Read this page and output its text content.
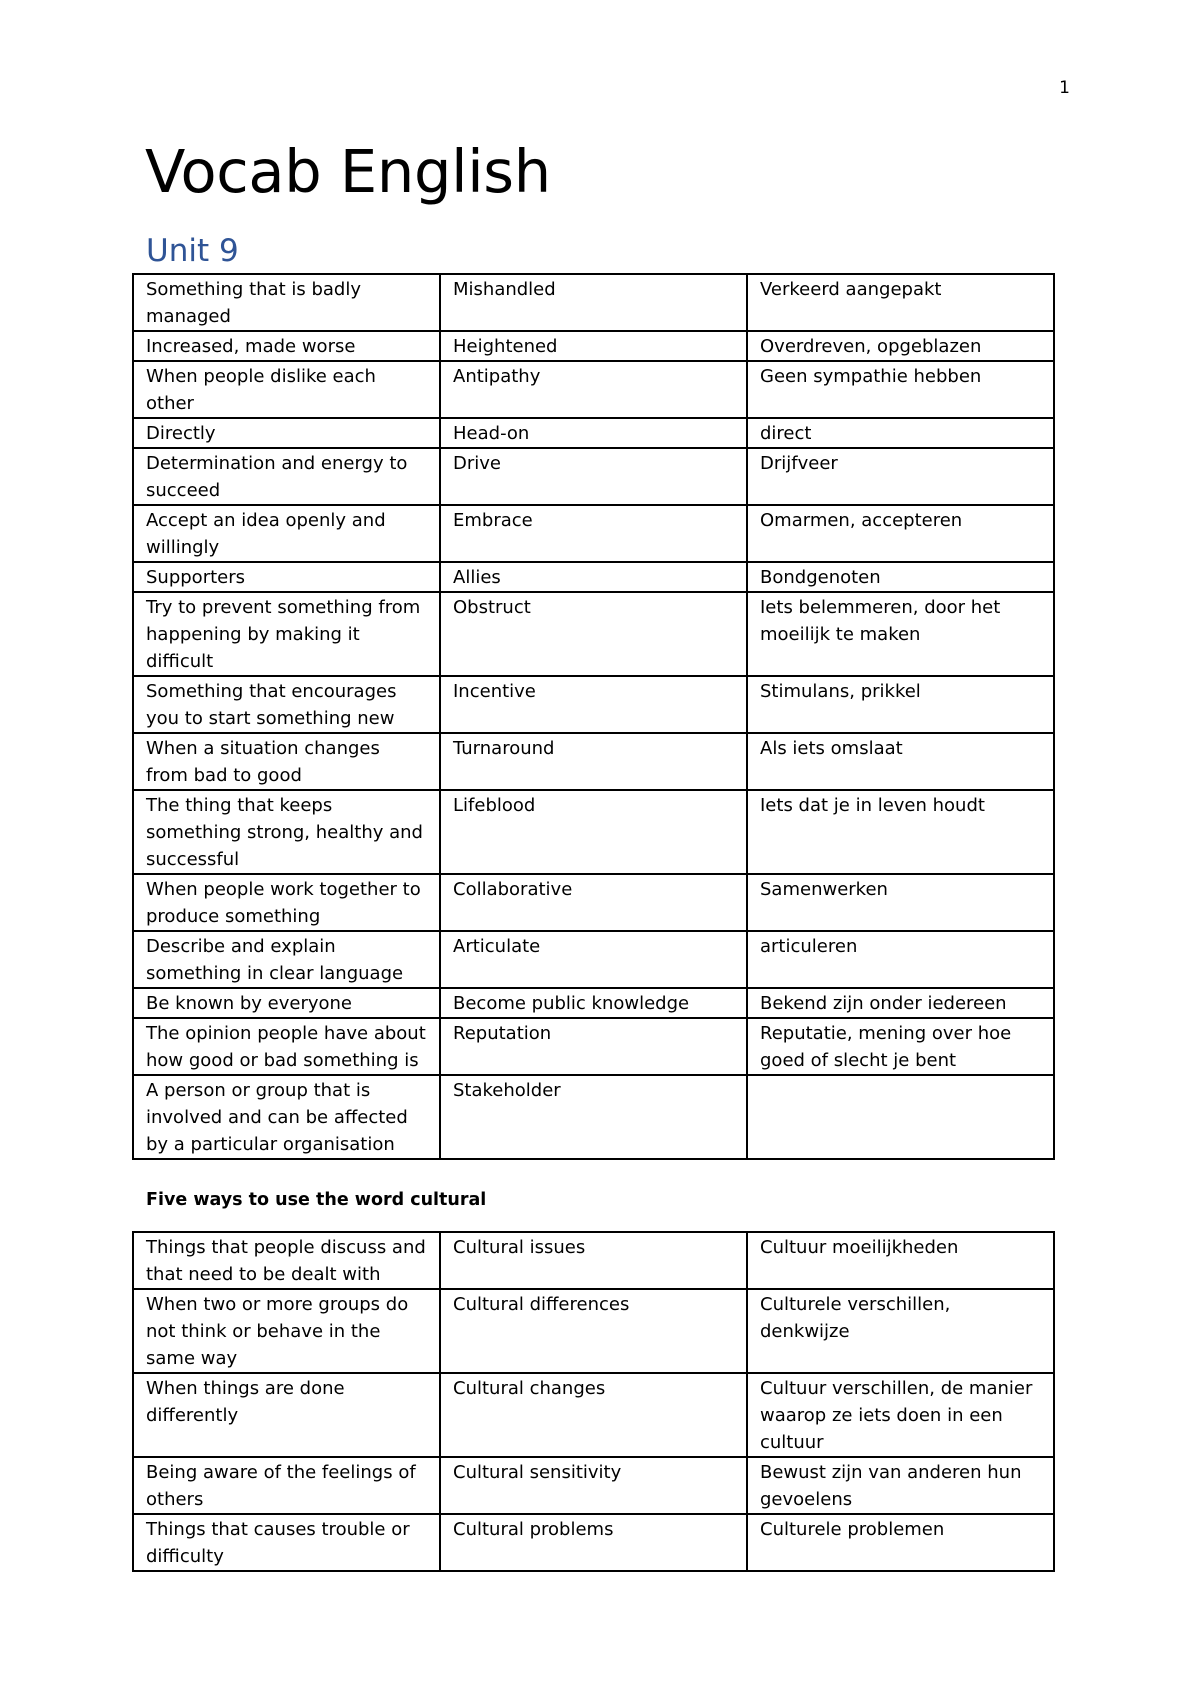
1
Vocab English
Unit 9
Something that is badly managed	Mishandled	Verkeerd aangepakt
Increased, made worse	Heightened	Overdreven, opgeblazen
When people dislike each other	Antipathy	Geen sympathie hebben
Directly	Head-on	direct
Determination and energy to succeed	Drive	Drijfveer
Accept an idea openly and willingly	Embrace	Omarmen, accepteren
Supporters	Allies	Bondgenoten
Try to prevent something from happening by making it difficult	Obstruct	Iets belemmeren, door het moeilijk te maken
Something that encourages you to start something new	Incentive	Stimulans, prikkel
When a situation changes from bad to good	Turnaround	Als iets omslaat
The thing that keeps something strong, healthy and successful	Lifeblood	Iets dat je in leven houdt
When people work together to produce something	Collaborative	Samenwerken
Describe and explain something in clear language	Articulate	articuleren
Be known by everyone	Become public knowledge	Bekend zijn onder iedereen
The opinion people have about how good or bad something is	Reputation	Reputatie, mening over hoe goed of slecht je bent
A person or group that is involved and can be affected by a particular organisation	Stakeholder	

Five ways to use the word cultural

Things that people discuss and that need to be dealt with	Cultural issues	Cultuur moeilijkheden
When two or more groups do not think or behave in the same way	Cultural differences	Culturele verschillen, denkwijze
When things are done differently	Cultural changes	Cultuur verschillen, de manier waarop ze iets doen in een cultuur
Being aware of the feelings of others	Cultural sensitivity	Bewust zijn van anderen hun gevoelens
Things that causes trouble or difficulty	Cultural problems	Culturele problemen
